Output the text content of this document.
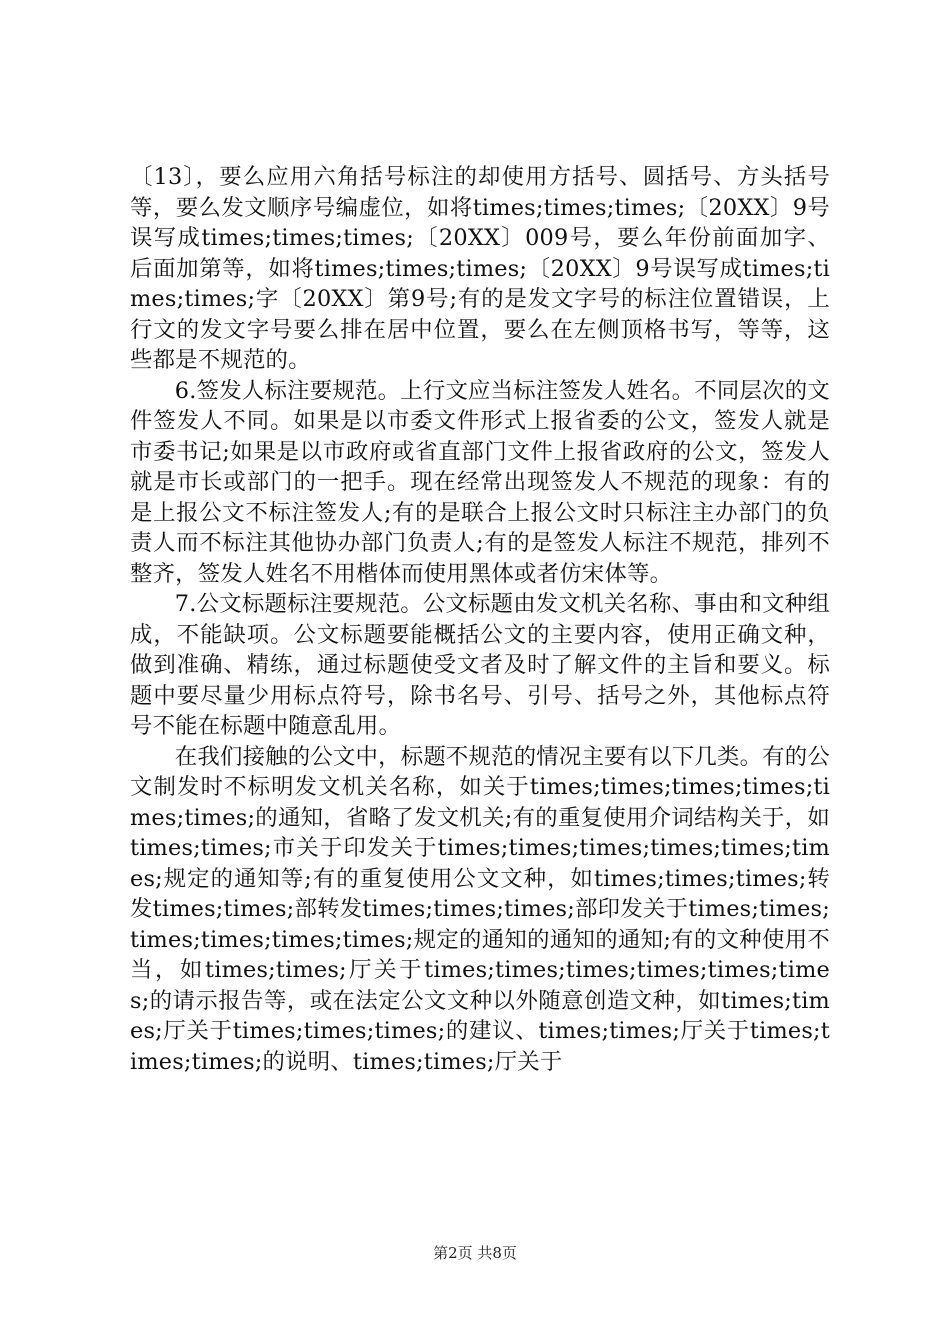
〔13〕，要么应用六角括号标注的却使用方括号、圆括号、方头括号等，要么发文顺序号编虚位，如将times;times;times;〔20XX〕9号误写成times;times;times;〔20XX〕009号，要么年份前面加字、后面加第等，如将times;times;times;〔20XX〕9号误写成times;times;times;字〔20XX〕第9号;有的是发文字号的标注位置错误，上行文的发文字号要么排在居中位置，要么在左侧顶格书写，等等，这些都是不规范的。

6.签发人标注要规范。上行文应当标注签发人姓名。不同层次的文件签发人不同。如果是以市委文件形式上报省委的公文，签发人就是市委书记;如果是以市政府或省直部门文件上报省政府的公文，签发人就是市长或部门的一把手。现在经常出现签发人不规范的现象：有的是上报公文不标注签发人;有的是联合上报公文时只标注主办部门的负责人而不标注其他协办部门负责人;有的是签发人标注不规范，排列不整齐，签发人姓名不用楷体而使用黑体或者仿宋体等。

7.公文标题标注要规范。公文标题由发文机关名称、事由和文种组成，不能缺项。公文标题要能概括公文的主要内容，使用正确文种，做到准确、精练，通过标题使受文者及时了解文件的主旨和要义。标题中要尽量少用标点符号，除书名号、引号、括号之外，其他标点符号不能在标题中随意乱用。

在我们接触的公文中，标题不规范的情况主要有以下几类。有的公文制发时不标明发文机关名称，如关于times;times;times;times;times;times;的通知，省略了发文机关;有的重复使用介词结构关于，如times;times;市关于印发关于times;times;times;times;times;times;规定的通知等;有的重复使用公文文种，如times;times;times;转发times;times;部转发times;times;times;部印发关于times;times;times;times;times;times;规定的通知的通知的通知;有的文种使用不当，如times;times;厅关于times;times;times;times;times;times;的请示报告等，或在法定公文文种以外随意创造文种，如times;times;厅关于times;times;times;的建议、times;times;厅关于times;times;times;的说明、times;times;厅关于

第2页 共8页
